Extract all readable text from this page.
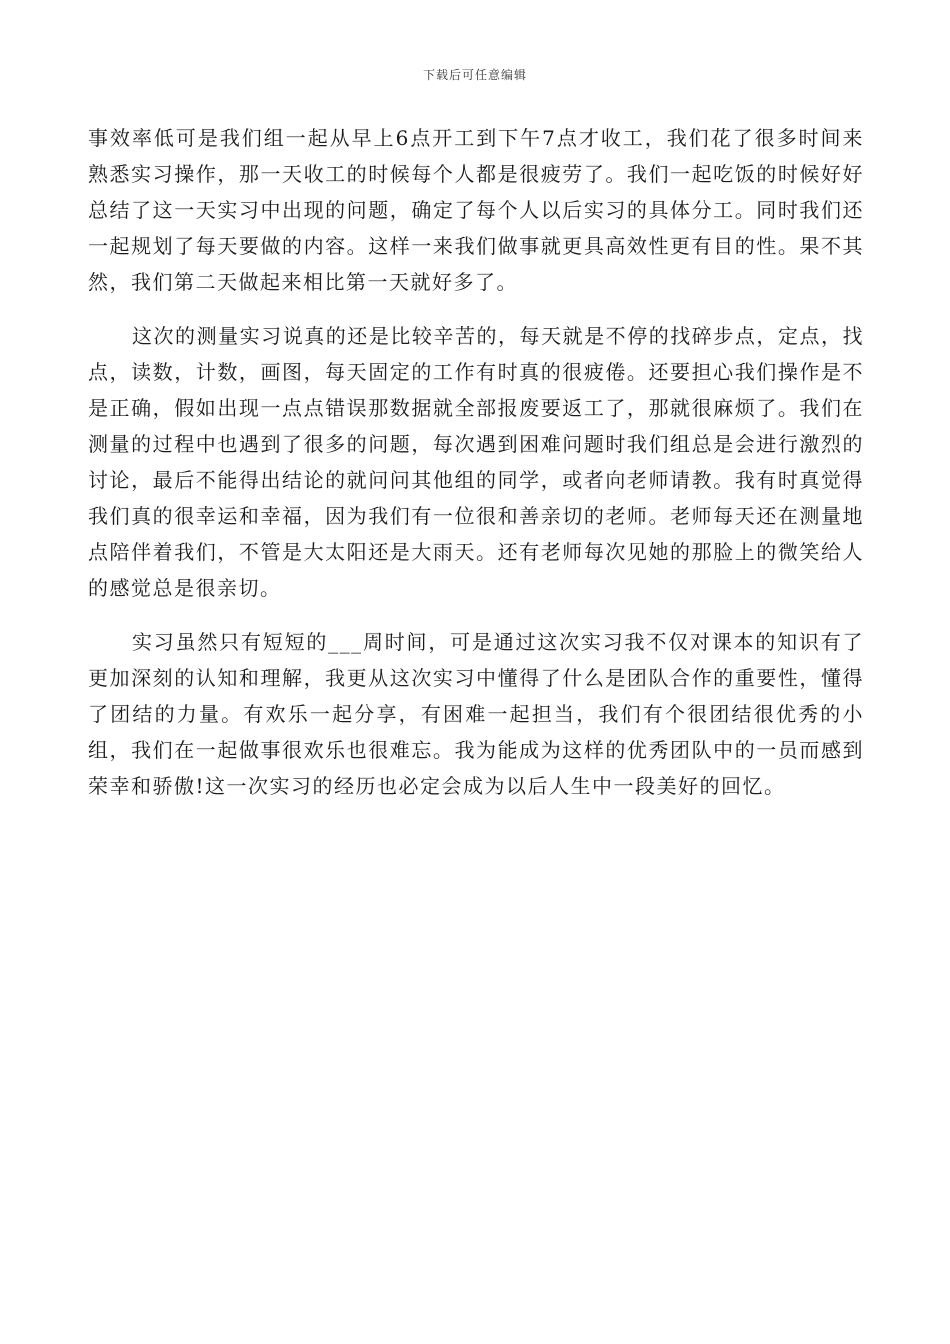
下载后可任意编辑

事效率低可是我们组一起从早上6点开工到下午7点才收工，我们花了很多时间来熟悉实习操作，那一天收工的时候每个人都是很疲劳了。我们一起吃饭的时候好好总结了这一天实习中出现的问题，确定了每个人以后实习的具体分工。同时我们还一起规划了每天要做的内容。这样一来我们做事就更具高效性更有目的性。果不其然，我们第二天做起来相比第一天就好多了。

这次的测量实习说真的还是比较辛苦的，每天就是不停的找碎步点，定点，找点，读数，计数，画图，每天固定的工作有时真的很疲倦。还要担心我们操作是不是正确，假如出现一点点错误那数据就全部报废要返工了，那就很麻烦了。我们在测量的过程中也遇到了很多的问题，每次遇到困难问题时我们组总是会进行激烈的讨论，最后不能得出结论的就问问其他组的同学，或者向老师请教。我有时真觉得我们真的很幸运和幸福，因为我们有一位很和善亲切的老师。老师每天还在测量地点陪伴着我们，不管是大太阳还是大雨天。还有老师每次见她的那脸上的微笑给人的感觉总是很亲切。

实习虽然只有短短的___周时间，可是通过这次实习我不仅对课本的知识有了更加深刻的认知和理解，我更从这次实习中懂得了什么是团队合作的重要性，懂得了团结的力量。有欢乐一起分享，有困难一起担当，我们有个很团结很优秀的小组，我们在一起做事很欢乐也很难忘。我为能成为这样的优秀团队中的一员而感到荣幸和骄傲!这一次实习的经历也必定会成为以后人生中一段美好的回忆。
